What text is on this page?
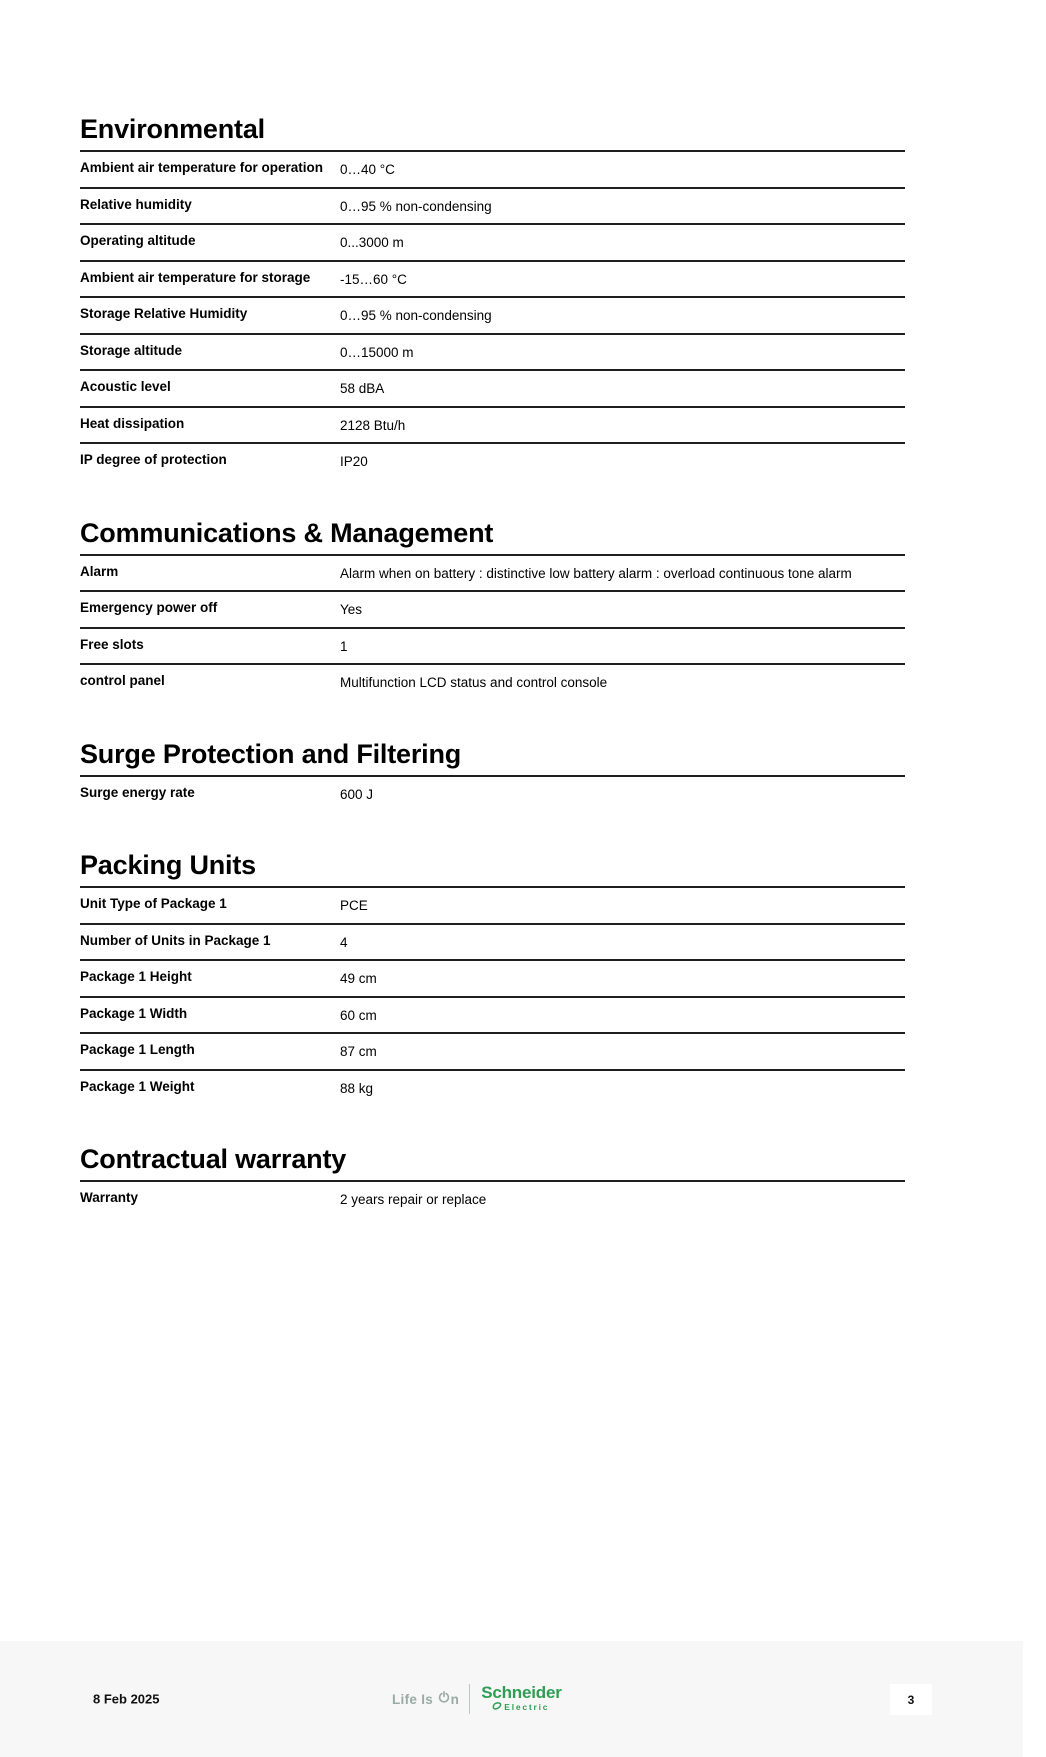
Environmental
Ambient air temperature for operation	0…40 °C
Relative humidity	0…95 % non-condensing
Operating altitude	0...3000 m
Ambient air temperature for storage	-15…60 °C
Storage Relative Humidity	0…95 % non-condensing
Storage altitude	0…15000 m
Acoustic level	58 dBA
Heat dissipation	2128 Btu/h
IP degree of protection	IP20
Communications & Management
Alarm	Alarm when on battery : distinctive low battery alarm : overload continuous tone alarm
Emergency power off	Yes
Free slots	1
control panel	Multifunction LCD status and control console
Surge Protection and Filtering
Surge energy rate	600 J
Packing Units
Unit Type of Package 1	PCE
Number of Units in Package 1	4
Package 1 Height	49 cm
Package 1 Width	60 cm
Package 1 Length	87 cm
Package 1 Weight	88 kg
Contractual warranty
Warranty	2 years repair or replace
8 Feb 2025	Life Is n Schneider
Electric	3
